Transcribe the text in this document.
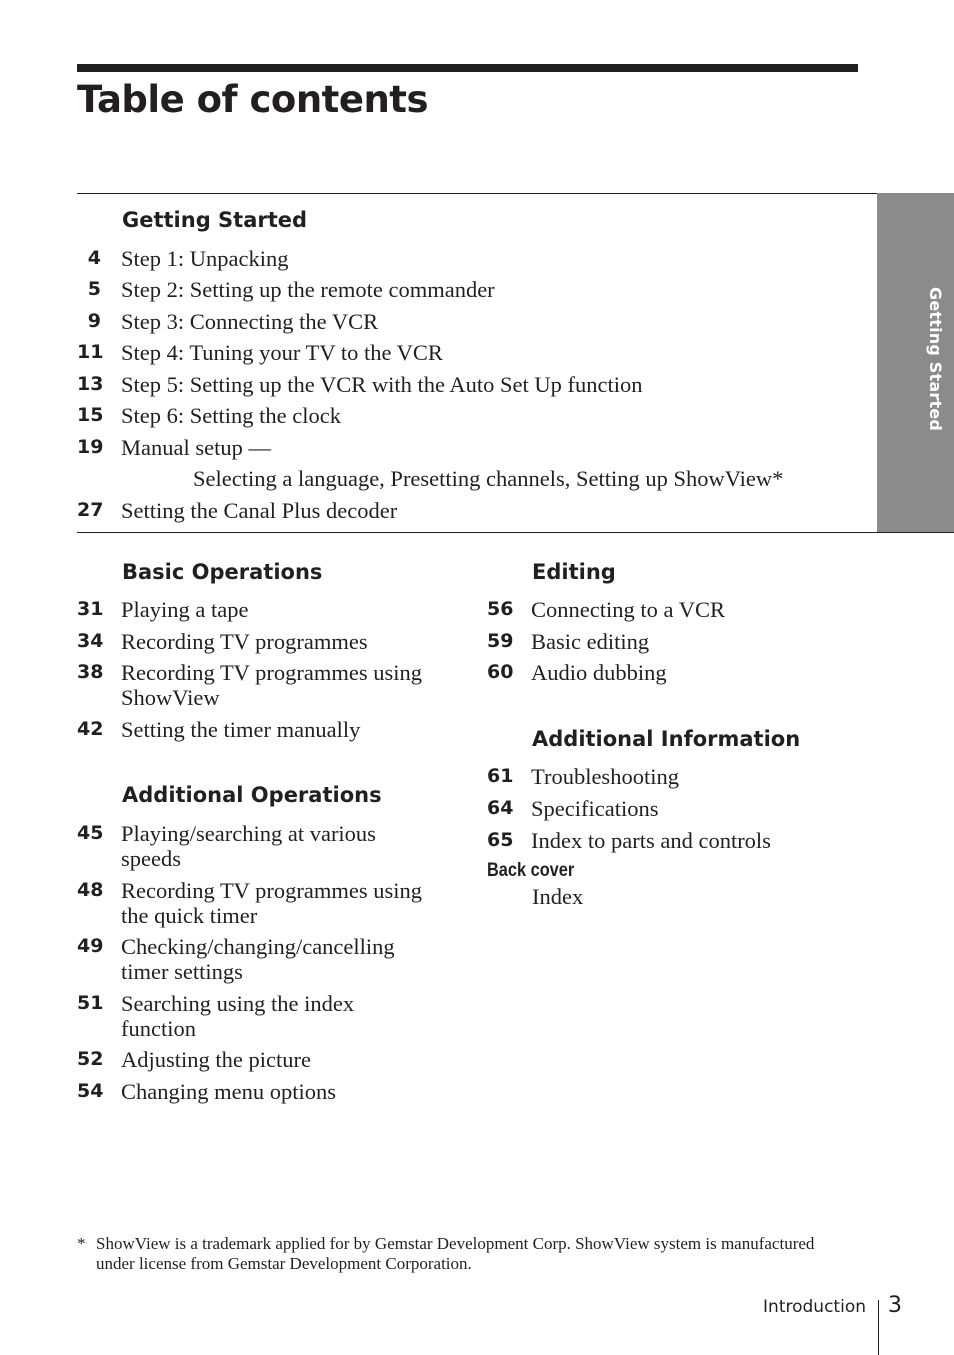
Table of contents
Getting Started
Getting Started
4 Step 1: Unpacking
5 Step 2: Setting up the remote commander
9 Step 3: Connecting the VCR
11 Step 4: Tuning your TV to the VCR
13 Step 5: Setting up the VCR with the Auto Set Up function
15 Step 6: Setting the clock
19 Manual setup —
Selecting a language, Presetting channels, Setting up ShowView*
27 Setting the Canal Plus decoder
Basic Operations
31 Playing a tape
34 Recording TV programmes
38 Recording TV programmes using
ShowView
42 Setting the timer manually
Additional Operations
45 Playing/searching at various
speeds
48 Recording TV programmes using
the quick timer
49 Checking/changing/cancelling
timer settings
51 Searching using the index
function
52 Adjusting the picture
54 Changing menu options
Editing
56 Connecting to a VCR
59 Basic editing
60 Audio dubbing
Additional Information
61 Troubleshooting
64 Specifications
65 Index to parts and controls
Back cover
Index
* ShowView is a trademark applied for by Gemstar Development Corp. ShowView system is manufactured under license from Gemstar Development Corporation.
Introduction 3
